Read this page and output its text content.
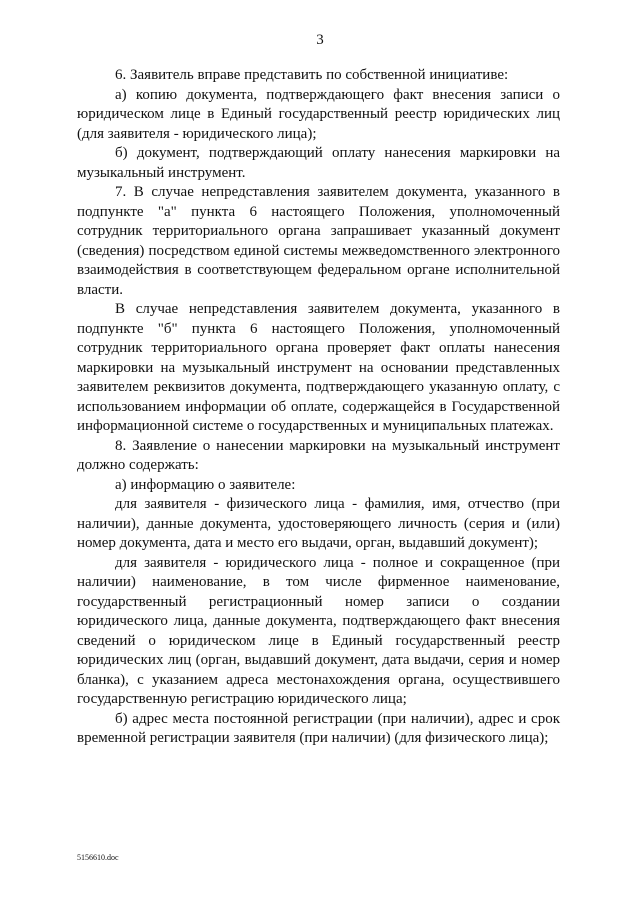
3

6. Заявитель вправе представить по собственной инициативе:

а) копию документа, подтверждающего факт внесения записи о юридическом лице в Единый государственный реестр юридических лиц (для заявителя - юридического лица);

б) документ, подтверждающий оплату нанесения маркировки на музыкальный инструмент.

7. В случае непредставления заявителем документа, указанного в подпункте "а" пункта 6 настоящего Положения, уполномоченный сотрудник территориального органа запрашивает указанный документ (сведения) посредством единой системы межведомственного электронного взаимодействия в соответствующем федеральном органе исполнительной власти.

В случае непредставления заявителем документа, указанного в подпункте "б" пункта 6 настоящего Положения, уполномоченный сотрудник территориального органа проверяет факт оплаты нанесения маркировки на музыкальный инструмент на основании представленных заявителем реквизитов документа, подтверждающего указанную оплату, с использованием информации об оплате, содержащейся в Государственной информационной системе о государственных и муниципальных платежах.

8. Заявление о нанесении маркировки на музыкальный инструмент должно содержать:

а) информацию о заявителе:

для заявителя - физического лица - фамилия, имя, отчество (при наличии), данные документа, удостоверяющего личность (серия и (или) номер документа, дата и место его выдачи, орган, выдавший документ);

для заявителя - юридического лица - полное и сокращенное (при наличии) наименование, в том числе фирменное наименование, государственный регистрационный номер записи о создании юридического лица, данные документа, подтверждающего факт внесения сведений о юридическом лице в Единый государственный реестр юридических лиц (орган, выдавший документ, дата выдачи, серия и номер бланка), с указанием адреса местонахождения органа, осуществившего государственную регистрацию юридического лица;

б) адрес места постоянной регистрации (при наличии), адрес и срок временной регистрации заявителя (при наличии) (для физического лица);

5156610.doc
